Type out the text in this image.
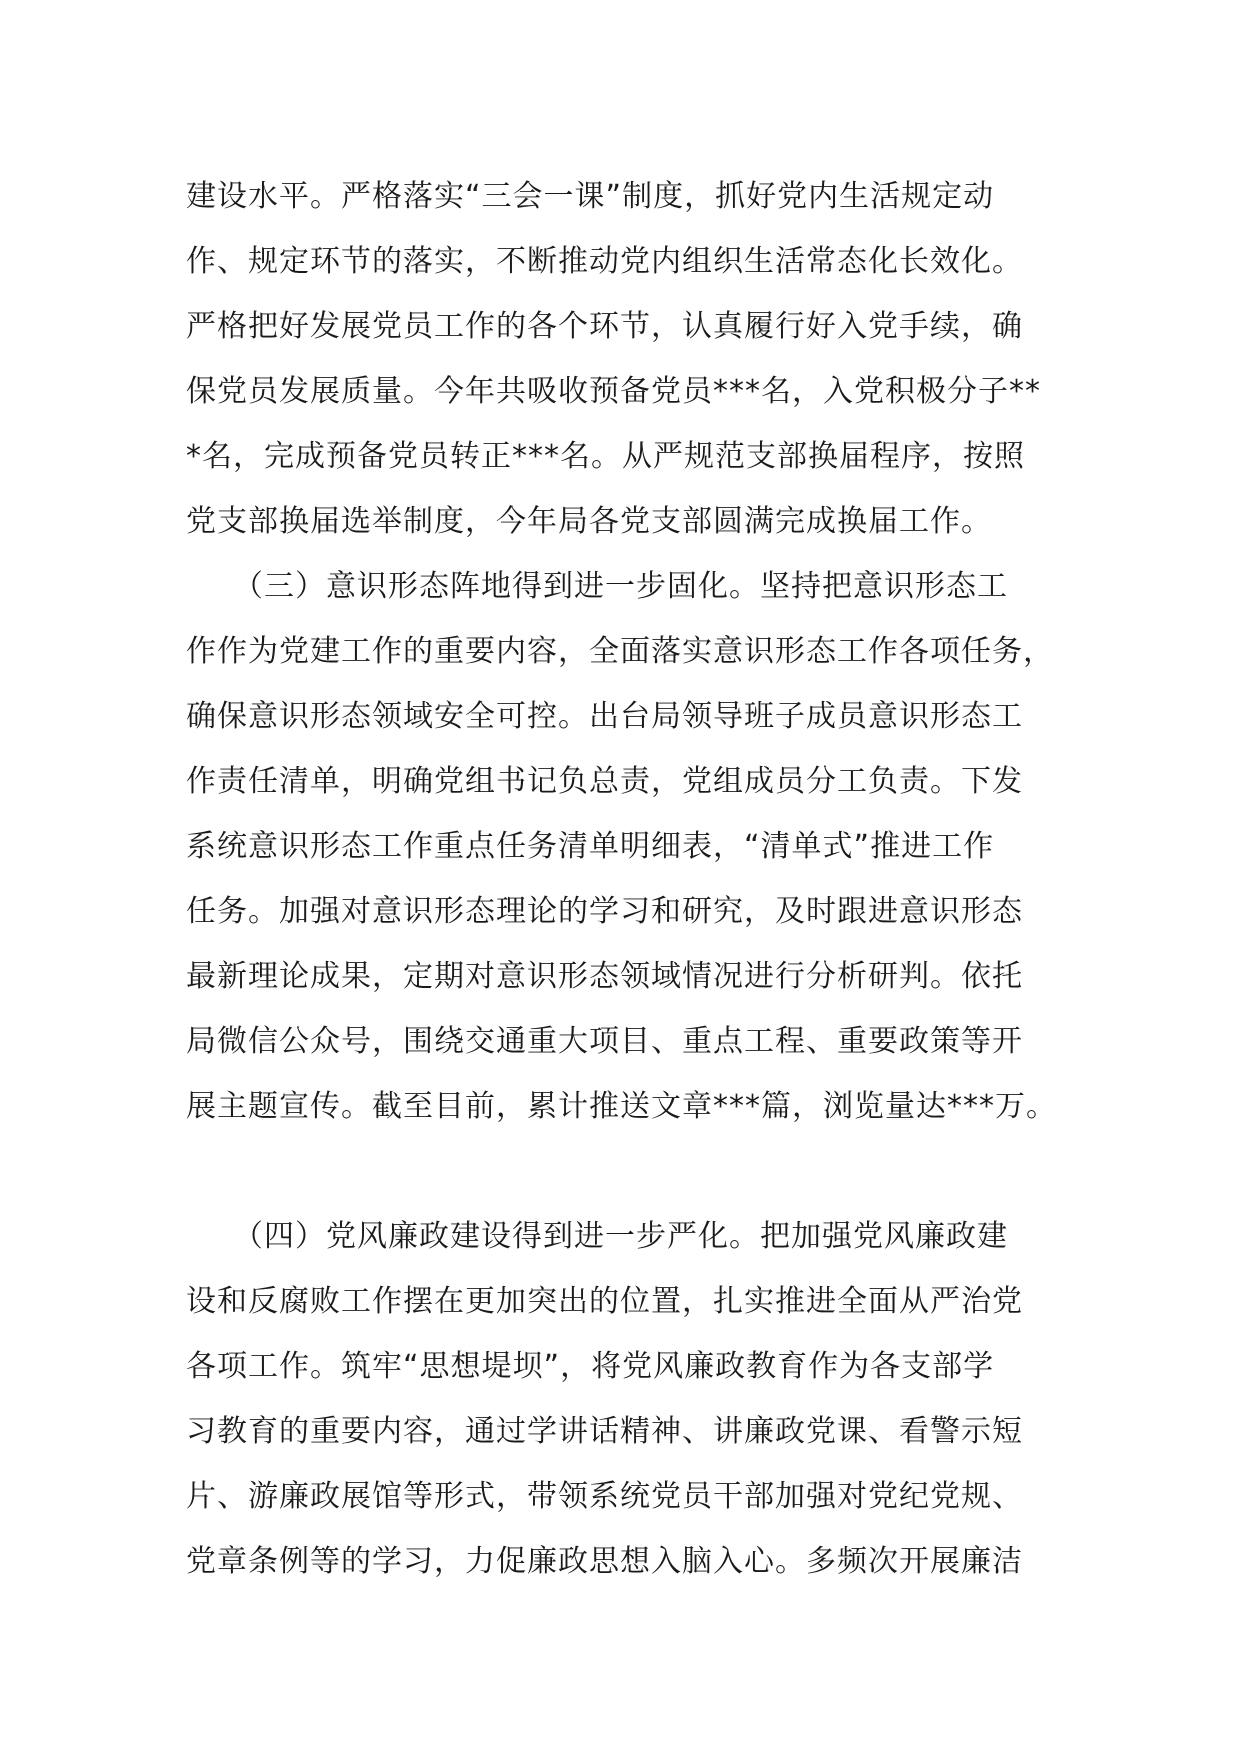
建设水平。严格落实“三会一课”制度，抓好党内生活规定动
作、规定环节的落实，不断推动党内组织生活常态化长效化。
严格把好发展党员工作的各个环节，认真履行好入党手续，确
保党员发展质量。今年共吸收预备党员***名，入党积极分子**
*名，完成预备党员转正***名。从严规范支部换届程序，按照
党支部换届选举制度，今年局各党支部圆满完成换届工作。
　　（三）意识形态阵地得到进一步固化。坚持把意识形态工
作作为党建工作的重要内容，全面落实意识形态工作各项任务，
确保意识形态领域安全可控。出台局领导班子成员意识形态工
作责任清单，明确党组书记负总责，党组成员分工负责。下发
系统意识形态工作重点任务清单明细表，“清单式”推进工作
任务。加强对意识形态理论的学习和研究，及时跟进意识形态
最新理论成果，定期对意识形态领域情况进行分析研判。依托
局微信公众号，围绕交通重大项目、重点工程、重要政策等开
展主题宣传。截至目前，累计推送文章***篇，浏览量达***万。
　　（四）党风廉政建设得到进一步严化。把加强党风廉政建
设和反腐败工作摆在更加突出的位置，扎实推进全面从严治党
各项工作。筑牢“思想堤坝”，将党风廉政教育作为各支部学
习教育的重要内容，通过学讲话精神、讲廉政党课、看警示短
片、游廉政展馆等形式，带领系统党员干部加强对党纪党规、
党章条例等的学习，力促廉政思想入脑入心。多频次开展廉洁
